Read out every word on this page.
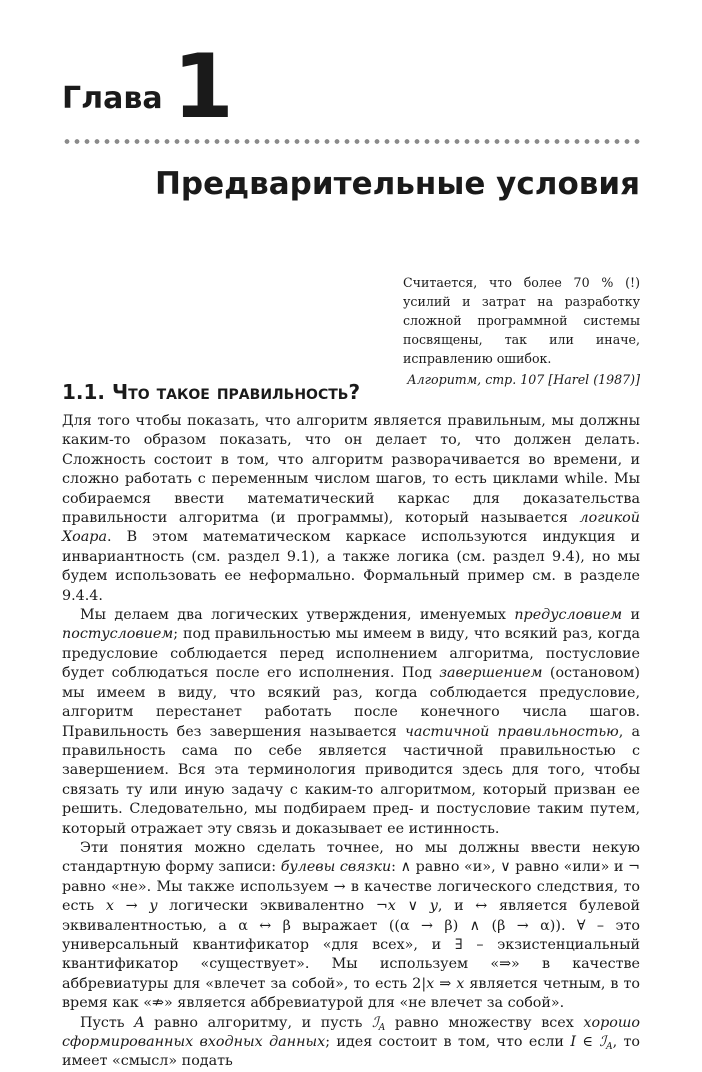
Глава 1
Предварительные условия

Считается, что более 70 % (!) усилий и затрат на разработку сложной программной системы посвящены, так или иначе, исправлению ошибок.

Алгоритм, стр. 107 [Harel (1987)]

1.1. Что такое правильность?

Для того чтобы показать, что алгоритм является правильным, мы должны каким-то образом показать, что он делает то, что должен делать. Сложность состоит в том, что алгоритм разворачивается во времени, и сложно работать с переменным числом шагов, то есть циклами while. Мы собираемся ввести математический каркас для доказательства правильности алгоритма (и программы), который называется логикой Хоара. В этом математическом каркасе используются индукция и инвариантность (см. раздел 9.1), а также логика (см. раздел 9.4), но мы будем использовать ее неформально. Формальный пример см. в разделе 9.4.4.

Мы делаем два логических утверждения, именуемых предусловием и постусловием; под правильностью мы имеем в виду, что всякий раз, когда предусловие соблюдается перед исполнением алгоритма, постусловие будет соблюдаться после его исполнения. Под завершением (остановом) мы имеем в виду, что всякий раз, когда соблюдается предусловие, алгоритм перестанет работать после конечного числа шагов. Правильность без завершения называется частичной правильностью, а правильность сама по себе является частичной правильностью с завершением. Вся эта терминология приводится здесь для того, чтобы связать ту или иную задачу с каким-то алгоритмом, который призван ее решить. Следовательно, мы подбираем пред- и постусловие таким путем, который отражает эту связь и доказывает ее истинность.

Эти понятия можно сделать точнее, но мы должны ввести некую стандартную форму записи: булевы связки: ∧ равно «и», ∨ равно «или» и ¬ равно «не». Мы также используем → в качестве логического следствия, то есть x → y логически эквивалентно ¬x ∨ y, и ↔ является булевой эквивалентностью, а α ↔ β выражает ((α → β) ∧ (β → α)). ∀ – это универсальный квантификатор «для всех», и ∃ – экзистенциальный квантификатор «существует». Мы используем «⇒» в качестве аббревиатуры для «влечет за собой», то есть 2|x ⇒ x является четным, в то время как «⇏» является аббревиатурой для «не влечет за собой».

Пусть A равно алгоритму, и пусть ℐ$_A$ равно множеству всех хорошо сформированных входных данных; идея состоит в том, что если I ∈ ℐ$_A$, то имеет «смысл» подать
